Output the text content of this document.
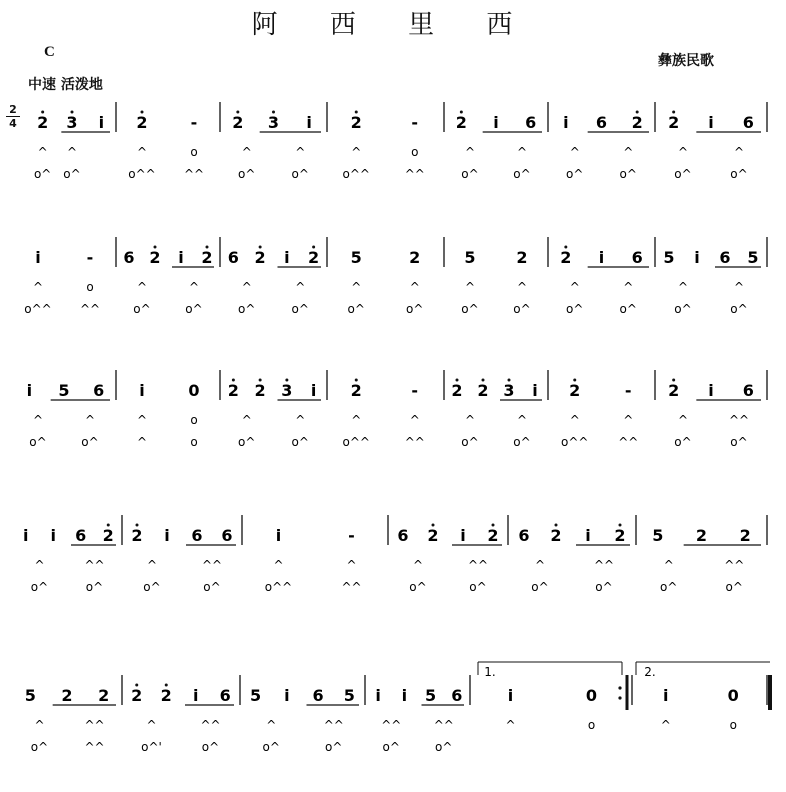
阿 西 里 西
C
中速 活泼地
彝族民歌
2
4 2 3 i
^ ^
o^ o^
2	-
^	o
o^^ ^^
2 3 i
^	^
o^	o^
2	-
^	o
o^^	^^
2 i 6
^	^
o^	o^
i 6 2
^	^
o^	o^
2 i 6
^	^
o^	o^
i	-
^	o
o^^ ^^
6 2 i 2
^	^
o^	o^
6 2 i 2
^	^
o^	o^
5	2
^	^
o^	o^
5	2
^	^
o^	o^
2 i 6
^	^
o^	o^
5 i 6 5
^	^
o^	o^
i 5 6
^	^
o^	o^
i	0
^	o
^	o
2 2 3 i
^	^
o^	o^
2	-
^	^
o^^	^^
2 2 3 i
^	^
o^	o^
2	-
^	^
o^^ ^^
2 i 6
^	^^
o^	o^
i i 6 2
^	^^
o^	o^
2 i 6 6
^	^^
o^	o^
i	-
^	^
o^^	^^
6 2 i 2
^	^^
o^	o^
6 2 i 2
^	^^
o^	o^
5 2 2
^	^^
o^	o^
5 2 2
^	^^
o^	^^
2 2 i 6
^	^^
o^'	o^
5 i 6 5
^	^^
o^	o^
i i 5 6
^^	^^
o^	o^
i	0
^	o
i	0
^	o
1.	2.
